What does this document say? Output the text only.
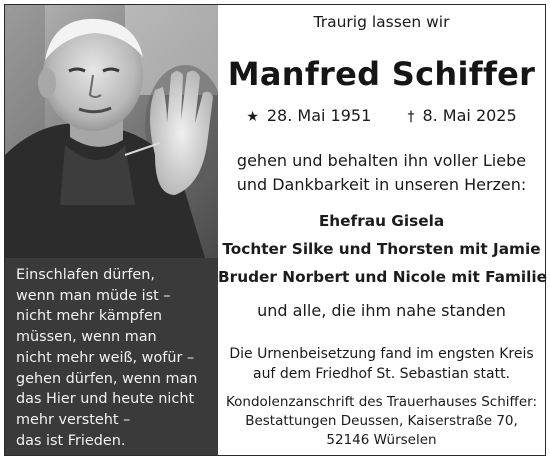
Einschlafen dürfen,
wenn man müde ist –
nicht mehr kämpfen
müssen, wenn man
nicht mehr weiß, wofür –
gehen dürfen, wenn man
das Hier und heute nicht
mehr versteht –
das ist Frieden.
Traurig lassen wir
Manfred Schiffer
★ 28. Mai 1951	† 8. Mai 2025
gehen und behalten ihn voller Liebe
und Dankbarkeit in unseren Herzen:
Ehefrau Gisela
Tochter Silke und Thorsten mit Jamie
Bruder Norbert und Nicole mit Familie
und alle, die ihm nahe standen
Die Urnenbeisetzung fand im engsten Kreis
auf dem Friedhof St. Sebastian statt.
Kondolenzanschrift des Trauerhauses Schiffer:
Bestattungen Deussen, Kaiserstraße 70,
52146 Würselen
